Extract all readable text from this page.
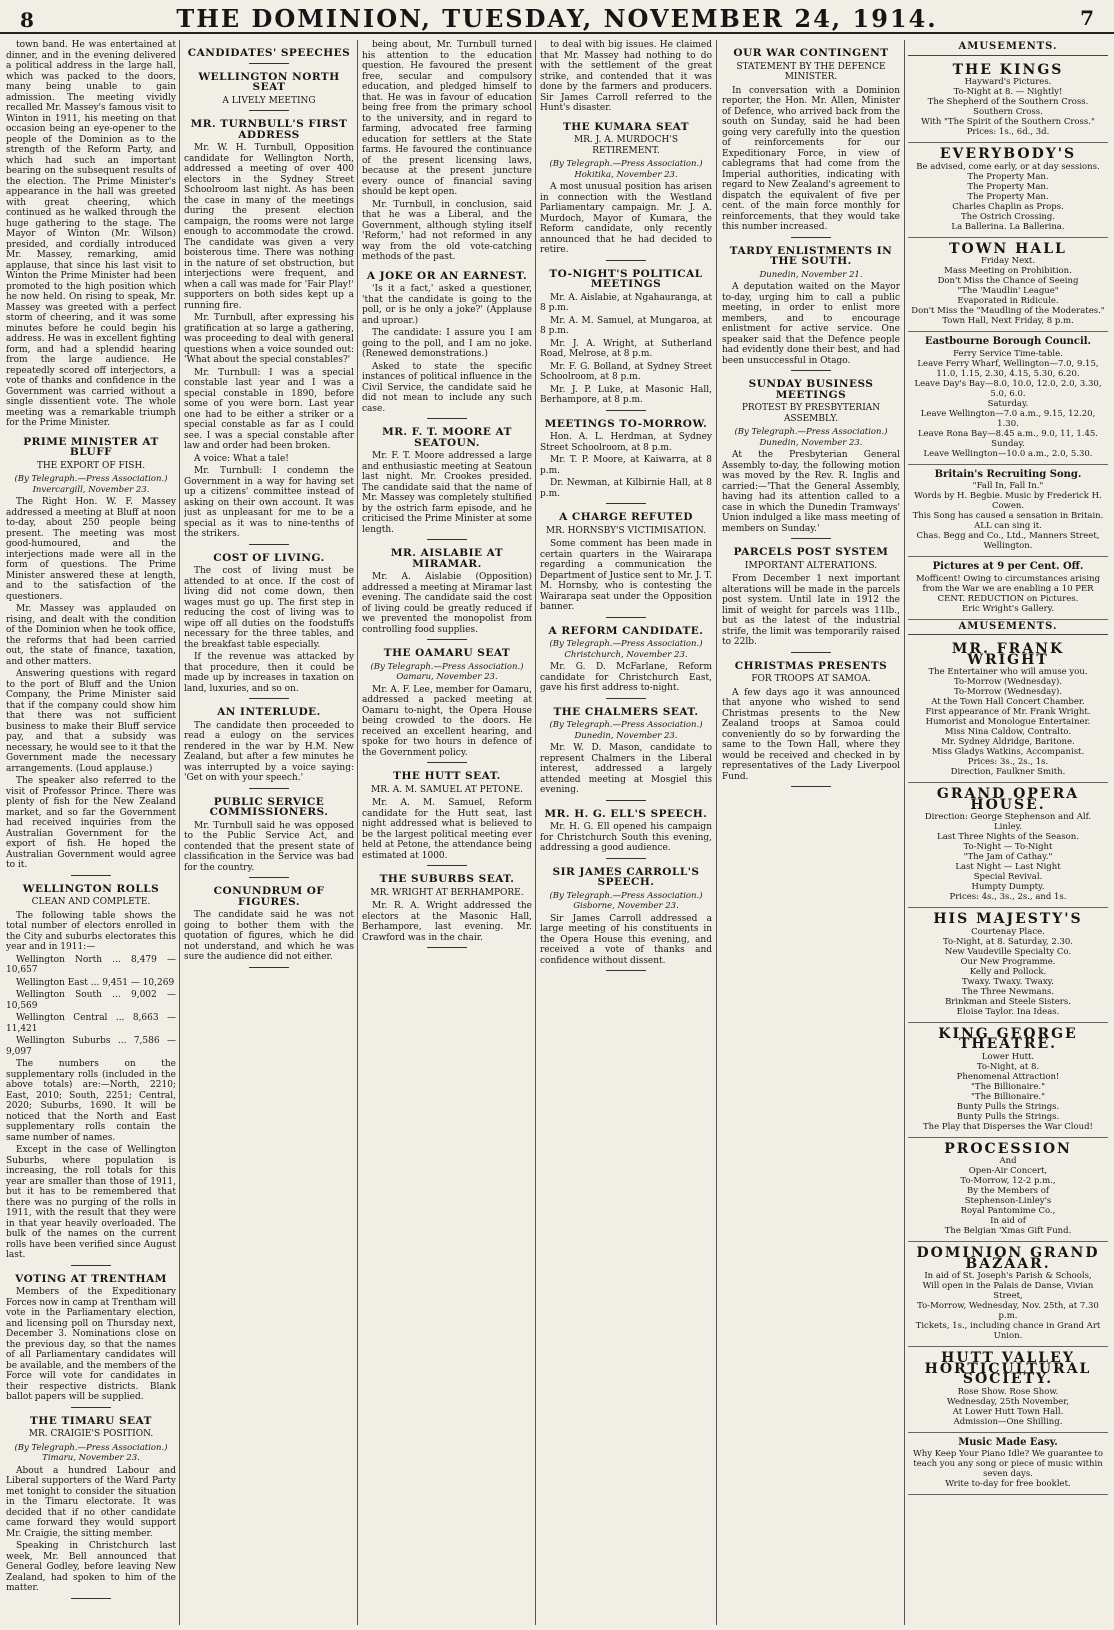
8	THE DOMINION, TUESDAY, NOVEMBER 24, 1914.	7

town band. He was entertained at dinner, and in the evening delivered a political address in the large hall, which was packed to the doors, many being unable to gain admission. The meeting vividly recalled Mr. Massey's famous visit to Winton in 1911, his meeting on that occasion being an eye-opener to the people of the Dominion as to the strength of the Reform Party, and which had such an important bearing on the subsequent results of the election. The Prime Minister's appearance in the hall was greeted with great cheering, which continued as he walked through the huge gathering to the stage. The Mayor of Winton (Mr. Wilson) presided, and cordially introduced Mr. Massey, remarking, amid applause, that since his last visit to Winton the Prime Minister had been promoted to the high position which he now held. On rising to speak, Mr. Massey was greeted with a perfect storm of cheering, and it was some minutes before he could begin his address. He was in excellent fighting form, and had a splendid hearing from the large audience. He repeatedly scored off interjectors, a vote of thanks and confidence in the Government was carried without a single dissentient vote. The whole meeting was a remarkable triumph for the Prime Minister.

PRIME MINISTER AT BLUFF
THE EXPORT OF FISH.
(By Telegraph.—Press Association.) Invercargill, November 23.

The Right Hon. W. F. Massey addressed a meeting at Bluff at noon to-day, about 250 people being present. The meeting was most good-humoured, and the interjections made were all in the form of questions. The Prime Minister answered these at length, and to the satisfaction of the questioners.

Mr. Massey was applauded on rising, and dealt with the condition of the Dominion when he took office, the reforms that had been carried out, the state of finance, taxation, and other matters.

Answering questions with regard to the port of Bluff and the Union Company, the Prime Minister said that if the company could show him that there was not sufficient business to make their Bluff service pay, and that a subsidy was necessary, he would see to it that the Government made the necessary arrangements. (Loud applause.)

The speaker also referred to the visit of Professor Prince. There was plenty of fish for the New Zealand market, and so far the Government had received inquiries from the Australian Government for the export of fish. He hoped the Australian Government would agree to it.

WELLINGTON ROLLS
CLEAN AND COMPLETE.

The following table shows the total number of electors enrolled in the City and suburbs electorates this year and in 1911:—

Wellington North ... 8,479 — 10,657

Wellington East ... 9,451 — 10,269

Wellington South ... 9,002 — 10,569

Wellington Central ... 8,663 — 11,421

Wellington Suburbs ... 7,586 — 9,097

The numbers on the supplementary rolls (included in the above totals) are:—North, 2210; East, 2010; South, 2251; Central, 2020; Suburbs, 1690. It will be noticed that the North and East supplementary rolls contain the same number of names.

Except in the case of Wellington Suburbs, where population is increasing, the roll totals for this year are smaller than those of 1911, but it has to be remembered that there was no purging of the rolls in 1911, with the result that they were in that year heavily overloaded. The bulk of the names on the current rolls have been verified since August last.

VOTING AT TRENTHAM

Members of the Expeditionary Forces now in camp at Trentham will vote in the Parliamentary election, and licensing poll on Thursday next, December 3. Nominations close on the previous day, so that the names of all Parliamentary candidates will be available, and the members of the Force will vote for candidates in their respective districts. Blank ballot papers will be supplied.

THE TIMARU SEAT
MR. CRAIGIE'S POSITION.
(By Telegraph.—Press Association.) Timaru, November 23.

About a hundred Labour and Liberal supporters of the Ward Party met tonight to consider the situation in the Timaru electorate. It was decided that if no other candidate came forward they would support Mr. Craigie, the sitting member.

Speaking in Christchurch last week, Mr. Bell announced that General Godley, before leaving New Zealand, had spoken to him of the matter.

CANDIDATES' SPEECHES
WELLINGTON NORTH SEAT
A LIVELY MEETING
MR. TURNBULL'S FIRST ADDRESS

Mr. W. H. Turnbull, Opposition candidate for Wellington North, addressed a meeting of over 400 electors in the Sydney Street Schoolroom last night. As has been the case in many of the meetings during the present election campaign, the rooms were not large enough to accommodate the crowd. The candidate was given a very boisterous time. There was nothing in the nature of set obstruction, but interjections were frequent, and when a call was made for 'Fair Play!' supporters on both sides kept up a running fire.

Mr. Turnbull, after expressing his gratification at so large a gathering, was proceeding to deal with general questions when a voice sounded out: 'What about the special constables?'

Mr. Turnbull: I was a special constable last year and I was a special constable in 1890, before some of you were born. Last year one had to be either a striker or a special constable as far as I could see. I was a special constable after law and order had been broken.

A voice: What a tale!

Mr. Turnbull: I condemn the Government in a way for having set up a citizens' committee instead of asking on their own account. It was just as unpleasant for me to be a special as it was to nine-tenths of the strikers.

COST OF LIVING.

The cost of living must be attended to at once. If the cost of living did not come down, then wages must go up. The first step in reducing the cost of living was to wipe off all duties on the foodstuffs necessary for the three tables, and the breakfast table especially.

If the revenue was attacked by that procedure, then it could be made up by increases in taxation on land, luxuries, and so on.

AN INTERLUDE.

The candidate then proceeded to read a eulogy on the services rendered in the war by H.M. New Zealand, but after a few minutes he was interrupted by a voice saying: 'Get on with your speech.'

PUBLIC SERVICE COMMISSIONERS.

Mr. Turnbull said he was opposed to the Public Service Act, and contended that the present state of classification in the Service was bad for the country.

CONUNDRUM OF FIGURES.

The candidate said he was not going to bother them with the quotation of figures, which he did not understand, and which he was sure the audience did not either.

being about, Mr. Turnbull turned his attention to the education question. He favoured the present free, secular and compulsory education, and pledged himself to that. He was in favour of education being free from the primary school to the university, and in regard to farming, advocated free farming education for settlers at the State farms. He favoured the continuance of the present licensing laws, because at the present juncture every ounce of financial saving should be kept open.

Mr. Turnbull, in conclusion, said that he was a Liberal, and the Government, although styling itself 'Reform,' had not reformed in any way from the old vote-catching methods of the past.

A JOKE OR AN EARNEST.

'Is it a fact,' asked a questioner, 'that the candidate is going to the poll, or is he only a joke?' (Applause and uproar.)

The candidate: I assure you I am going to the poll, and I am no joke. (Renewed demonstrations.)

Asked to state the specific instances of political influence in the Civil Service, the candidate said he did not mean to include any such case.

MR. F. T. MOORE AT SEATOUN.

Mr. F. T. Moore addressed a large and enthusiastic meeting at Seatoun last night. Mr. Crookes presided. The candidate said that the name of Mr. Massey was completely stultified by the ostrich farm episode, and he criticised the Prime Minister at some length.

MR. AISLABIE AT MIRAMAR.

Mr. A. Aislabie (Opposition) addressed a meeting at Miramar last evening. The candidate said the cost of living could be greatly reduced if we prevented the monopolist from controlling food supplies.

THE OAMARU SEAT
(By Telegraph.—Press Association.) Oamaru, November 23.

Mr. A. F. Lee, member for Oamaru, addressed a packed meeting at Oamaru to-night, the Opera House being crowded to the doors. He received an excellent hearing, and spoke for two hours in defence of the Government policy.

THE HUTT SEAT.
MR. A. M. SAMUEL AT PETONE.

Mr. A. M. Samuel, Reform candidate for the Hutt seat, last night addressed what is believed to be the largest political meeting ever held at Petone, the attendance being estimated at 1000.

THE SUBURBS SEAT.
MR. WRIGHT AT BERHAMPORE.

Mr. R. A. Wright addressed the electors at the Masonic Hall, Berhampore, last evening. Mr. Crawford was in the chair.

to deal with big issues. He claimed that Mr. Massey had nothing to do with the settlement of the great strike, and contended that it was done by the farmers and producers. Sir James Carroll referred to the Hunt's disaster.

THE KUMARA SEAT
MR. J. A. MURDOCH'S RETIREMENT.
(By Telegraph.—Press Association.) Hokitika, November 23.

A most unusual position has arisen in connection with the Westland Parliamentary campaign. Mr. J. A. Murdoch, Mayor of Kumara, the Reform candidate, only recently announced that he had decided to retire.

TO-NIGHT'S POLITICAL MEETINGS

Mr. A. Aislabie, at Ngahauranga, at 8 p.m.

Mr. A. M. Samuel, at Mungaroa, at 8 p.m.

Mr. J. A. Wright, at Sutherland Road, Melrose, at 8 p.m.

Mr. F. G. Bolland, at Sydney Street Schoolroom, at 8 p.m.

Mr. J. P. Luke, at Masonic Hall, Berhampore, at 8 p.m.

MEETINGS TO-MORROW.

Hon. A. L. Herdman, at Sydney Street Schoolroom, at 8 p.m.

Mr. T. P. Moore, at Kaiwarra, at 8 p.m.

Dr. Newman, at Kilbirnie Hall, at 8 p.m.

A CHARGE REFUTED
MR. HORNSBY'S VICTIMISATION.

Some comment has been made in certain quarters in the Wairarapa regarding a communication the Department of Justice sent to Mr. J. T. M. Hornsby, who is contesting the Wairarapa seat under the Opposition banner.

A REFORM CANDIDATE.
(By Telegraph.—Press Association.) Christchurch, November 23.

Mr. G. D. McFarlane, Reform candidate for Christchurch East, gave his first address to-night.

THE CHALMERS SEAT.
(By Telegraph.—Press Association.) Dunedin, November 23.

Mr. W. D. Mason, candidate to represent Chalmers in the Liberal interest, addressed a largely attended meeting at Mosgiel this evening.

MR. H. G. ELL'S SPEECH.

Mr. H. G. Ell opened his campaign for Christchurch South this evening, addressing a good audience.

SIR JAMES CARROLL'S SPEECH.
(By Telegraph.—Press Association.) Gisborne, November 23.

Sir James Carroll addressed a large meeting of his constituents in the Opera House this evening, and received a vote of thanks and confidence without dissent.

OUR WAR CONTINGENT
STATEMENT BY THE DEFENCE MINISTER.

In conversation with a Dominion reporter, the Hon. Mr. Allen, Minister of Defence, who arrived back from the south on Sunday, said he had been going very carefully into the question of reinforcements for our Expeditionary Force, in view of cablegrams that had come from the Imperial authorities, indicating with regard to New Zealand's agreement to dispatch the equivalent of five per cent. of the main force monthly for reinforcements, that they would take this number increased.

TARDY ENLISTMENTS IN THE SOUTH.
Dunedin, November 21.

A deputation waited on the Mayor to-day, urging him to call a public meeting, in order to enlist more members, and to encourage enlistment for active service. One speaker said that the Defence people had evidently done their best, and had been unsuccessful in Otago.

SUNDAY BUSINESS MEETINGS
PROTEST BY PRESBYTERIAN ASSEMBLY.
(By Telegraph.—Press Association.) Dunedin, November 23.

At the Presbyterian General Assembly to-day, the following motion was moved by the Rev. R. Inglis and carried:—'That the General Assembly, having had its attention called to a case in which the Dunedin Tramways' Union indulged a like mass meeting of members on Sunday.'

PARCELS POST SYSTEM
IMPORTANT ALTERATIONS.

From December 1 next important alterations will be made in the parcels post system. Until late in 1912 the limit of weight for parcels was 11lb., but as the latest of the industrial strife, the limit was temporarily raised to 22lb.

CHRISTMAS PRESENTS
FOR TROOPS AT SAMOA.

A few days ago it was announced that anyone who wished to send Christmas presents to the New Zealand troops at Samoa could conveniently do so by forwarding the same to the Town Hall, where they would be received and checked in by representatives of the Lady Liverpool Fund.

AMUSEMENTS.
THE KINGS
Hayward's Pictures.
To-Night at 8. — Nightly!
The Shepherd of the Southern Cross.
Southern Cross.
With "The Spirit of the Southern Cross."
Prices: 1s., 6d., 3d.
EVERYBODY'S
Be advised, come early, or at day sessions.
The Property Man.
The Property Man.
The Property Man.
Charles Chaplin as Props.
The Ostrich Crossing.
La Ballerina. La Ballerina.
TOWN HALL
Friday Next.
Mass Meeting on Prohibition.
Don't Miss the Chance of Seeing
"The 'Maudlin' League"
Evaporated in Ridicule.
Don't Miss the "Maudling of the Moderates."
Town Hall, Next Friday, 8 p.m.
Eastbourne Borough Council.
Ferry Service Time-table.
Leave Ferry Wharf, Wellington—7.0, 9.15, 11.0, 1.15, 2.30, 4.15, 5.30, 6.20.
Leave Day's Bay—8.0, 10.0, 12.0, 2.0, 3.30, 5.0, 6.0.
Saturday.
Leave Wellington—7.0 a.m., 9.15, 12.20, 1.30.
Leave Rona Bay—8.45 a.m., 9.0, 11, 1.45.
Sunday.
Leave Wellington—10.0 a.m., 2.0, 5.30.
Britain's Recruiting Song.
"Fall In, Fall In."
Words by H. Begbie. Music by Frederick H. Cowen.
This Song has caused a sensation in Britain. ALL can sing it.
Chas. Begg and Co., Ltd., Manners Street, Wellington.
Pictures at 9 per Cent. Off.
Mofficent! Owing to circumstances arising from the War we are enabling a 10 PER CENT. REDUCTION on Pictures.
Eric Wright's Gallery.
AMUSEMENTS.
MR. FRANK WRIGHT
The Entertainer who will amuse you.
To-Morrow (Wednesday).
To-Morrow (Wednesday).
At the Town Hall Concert Chamber.
First appearance of Mr. Frank Wright.
Humorist and Monologue Entertainer.
Miss Nina Caldow, Contralto.
Mr. Sydney Aldridge, Baritone.
Miss Gladys Watkins, Accompanist.
Prices: 3s., 2s., 1s.
Direction, Faulkner Smith.
GRAND OPERA HOUSE.
Direction: George Stephenson and Alf. Linley.
Last Three Nights of the Season.
To-Night — To-Night
"The Jam of Cathay."
Last Night — Last Night
Special Revival.
Humpty Dumpty.
Prices: 4s., 3s., 2s., and 1s.
HIS MAJESTY'S
Courtenay Place.
To-Night, at 8. Saturday, 2.30.
New Vaudeville Specialty Co.
Our New Programme.
Kelly and Pollock.
Twaxy. Twaxy. Twaxy.
The Three Newmans.
Brinkman and Steele Sisters.
Eloise Taylor. Ina Ideas.
KING GEORGE THEATRE.
Lower Hutt.
To-Night, at 8.
Phenomenal Attraction!
"The Billionaire."
"The Billionaire."
Bunty Pulls the Strings.
Bunty Pulls the Strings.
The Play that Disperses the War Cloud!
PROCESSION
And
Open-Air Concert,
To-Morrow, 12-2 p.m.,
By the Members of
Stephenson-Linley's
Royal Pantomime Co.,
In aid of
The Belgian 'Xmas Gift Fund.
DOMINION GRAND BAZAAR.
In aid of St. Joseph's Parish & Schools,
Will open in the Palais de Danse, Vivian Street,
To-Morrow, Wednesday, Nov. 25th, at 7.30 p.m.
Tickets, 1s., including chance in Grand Art Union.
HUTT VALLEY HORTICULTURAL SOCIETY.
Rose Show. Rose Show.
Wednesday, 25th November,
At Lower Hutt Town Hall.
Admission—One Shilling.
Music Made Easy.
Why Keep Your Piano Idle? We guarantee to teach you any song or piece of music within seven days.
Write to-day for free booklet.
